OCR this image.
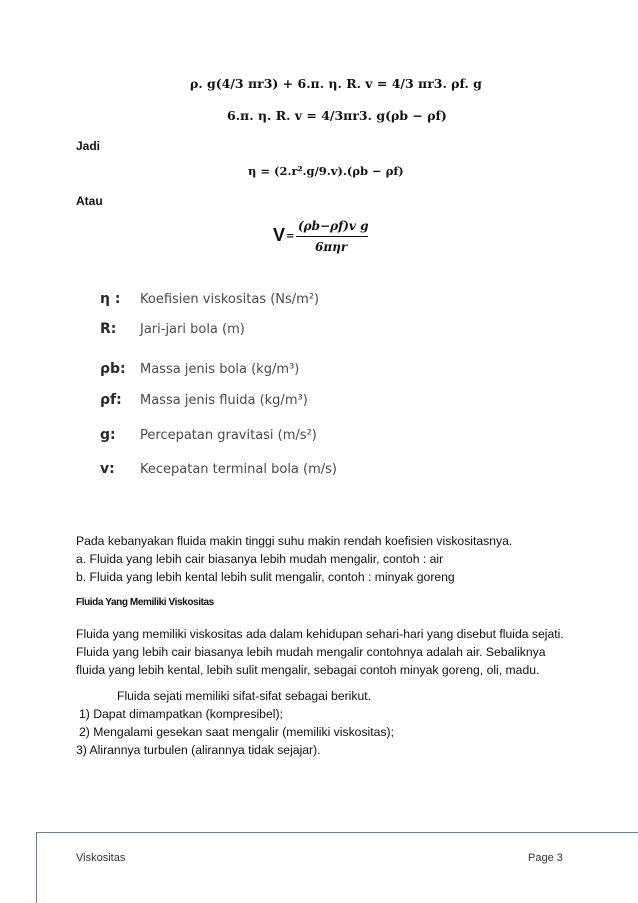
ρ. g(4/3 πr3) + 6.π. η. R. v = 4/3 πr3. ρf. g
6.π. η. R. v = 4/3πr3. g(ρb − ρf)
Jadi
η = (2.r².g/9.v).(ρb − ρf)
Atau
V =
(ρb−ρf)v g
6πηr
η :	Koefisien viskositas (Ns/m²)
R:	Jari-jari bola (m)
ρb:	Massa jenis bola (kg/m³)
ρf:	Massa jenis fluida (kg/m³)
g:	Percepatan gravitasi (m/s²)
v:	Kecepatan terminal bola (m/s)
Pada kebanyakan fluida makin tinggi suhu makin rendah koefisien viskositasnya.
a. Fluida yang lebih cair biasanya lebih mudah mengalir, contoh : air
b. Fluida yang lebih kental lebih sulit mengalir, contoh : minyak goreng
Fluida Yang Memiliki Viskositas
Fluida yang memiliki viskositas ada dalam kehidupan sehari-hari yang disebut fluida sejati.
Fluida yang lebih cair biasanya lebih mudah mengalir contohnya adalah air. Sebaliknya
fluida yang lebih kental, lebih sulit mengalir, sebagai contoh minyak goreng, oli, madu.
Fluida sejati memiliki sifat-sifat sebagai berikut.
1) Dapat dimampatkan (kompresibel);
2) Mengalami gesekan saat mengalir (memiliki viskositas);
3) Alirannya turbulen (alirannya tidak sejajar).
Viskositas	Page 3
